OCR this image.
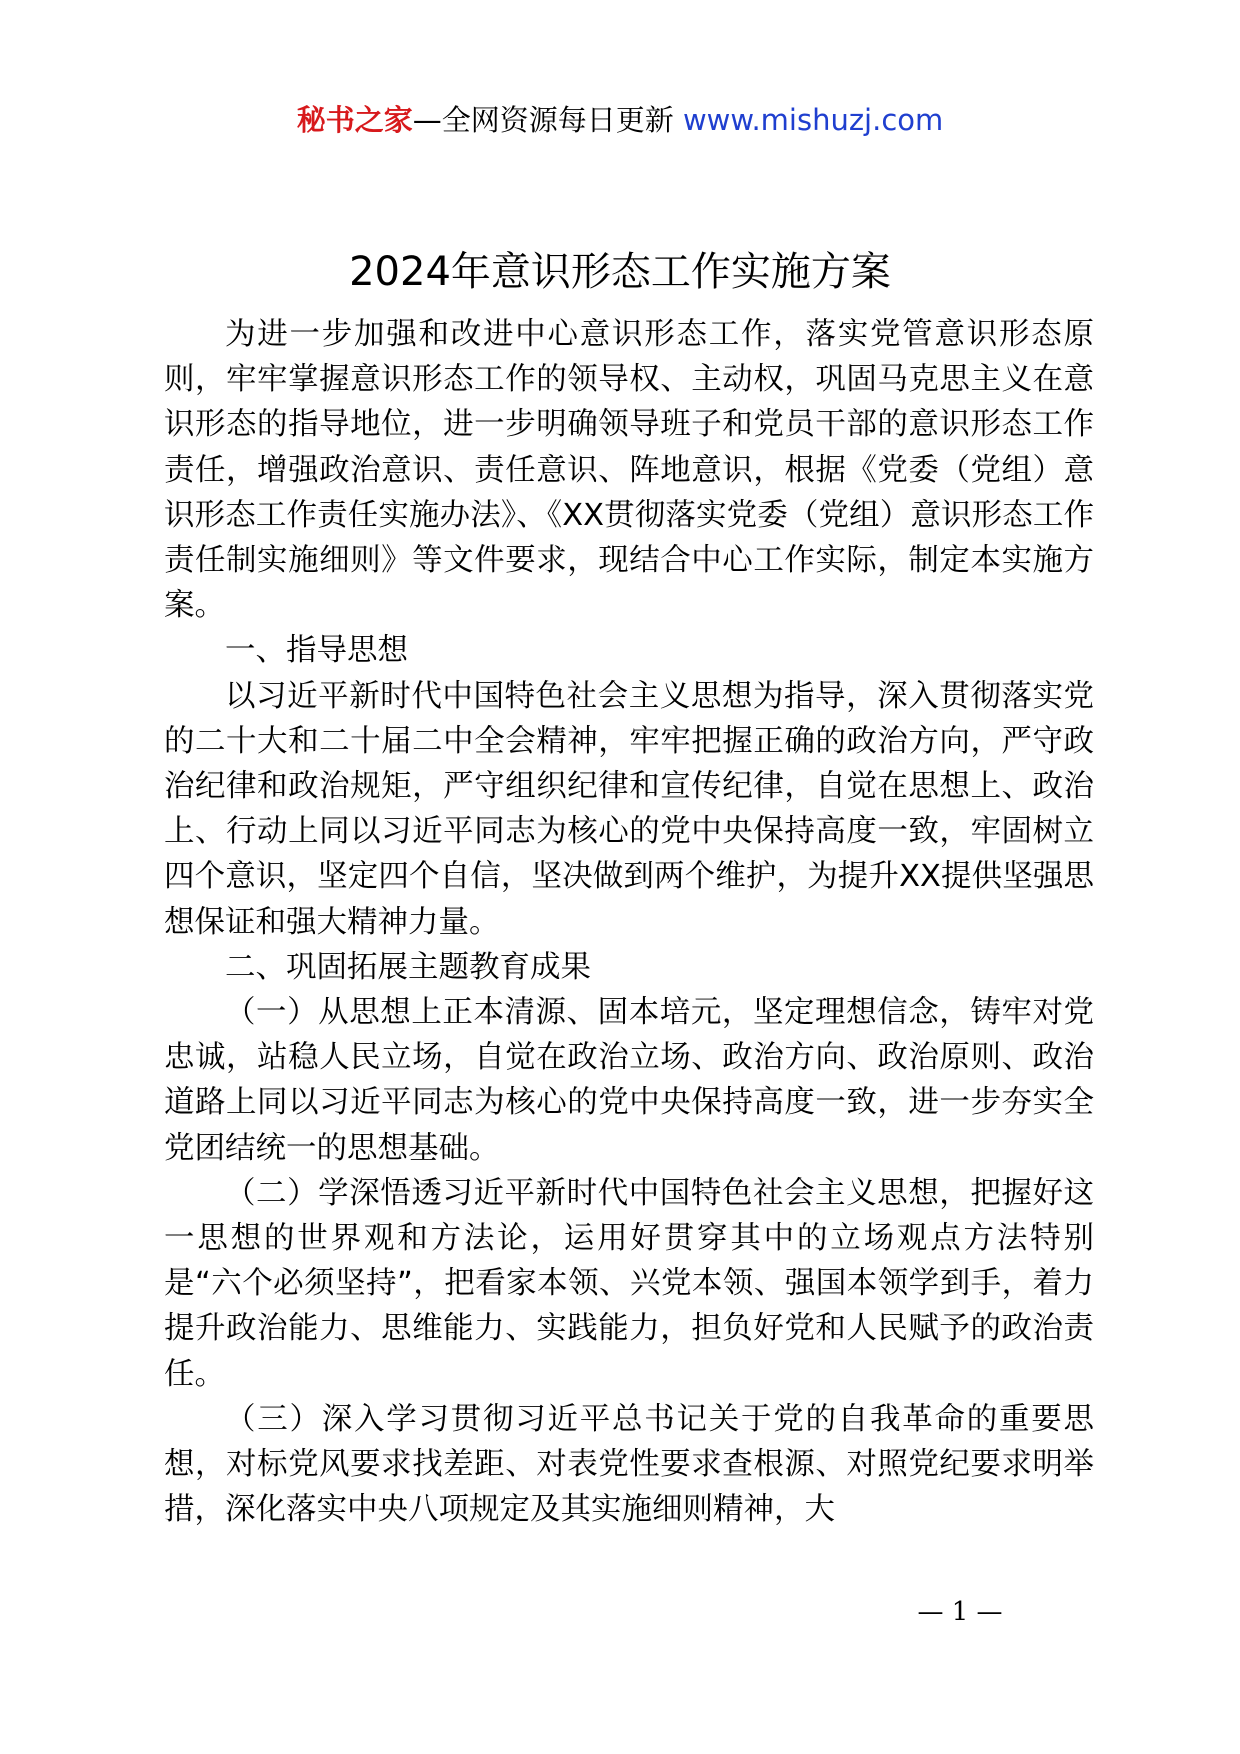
秘书之家—全网资源每日更新 www.mishuzj.com
2024年意识形态工作实施方案

为进一步加强和改进中心意识形态工作，落实党管意识形态原则，牢牢掌握意识形态工作的领导权、主动权，巩固马克思主义在意识形态的指导地位，进一步明确领导班子和党员干部的意识形态工作责任，增强政治意识、责任意识、阵地意识，根据《党委（党组）意识形态工作责任实施办法》、《XX贯彻落实党委（党组）意识形态工作责任制实施细则》等文件要求，现结合中心工作实际，制定本实施方案。

一、指导思想

以习近平新时代中国特色社会主义思想为指导，深入贯彻落实党的二十大和二十届二中全会精神，牢牢把握正确的政治方向，严守政治纪律和政治规矩，严守组织纪律和宣传纪律，自觉在思想上、政治上、行动上同以习近平同志为核心的党中央保持高度一致，牢固树立四个意识，坚定四个自信，坚决做到两个维护，为提升XX提供坚强思想保证和强大精神力量。

二、巩固拓展主题教育成果

（一）从思想上正本清源、固本培元，坚定理想信念，铸牢对党忠诚，站稳人民立场，自觉在政治立场、政治方向、政治原则、政治道路上同以习近平同志为核心的党中央保持高度一致，进一步夯实全党团结统一的思想基础。

（二）学深悟透习近平新时代中国特色社会主义思想，把握好这一思想的世界观和方法论，运用好贯穿其中的立场观点方法特别是“六个必须坚持”，把看家本领、兴党本领、强国本领学到手，着力提升政治能力、思维能力、实践能力，担负好党和人民赋予的政治责任。

（三）深入学习贯彻习近平总书记关于党的自我革命的重要思想，对标党风要求找差距、对表党性要求查根源、对照党纪要求明举措，深化落实中央八项规定及其实施细则精神，大

— 1 —
